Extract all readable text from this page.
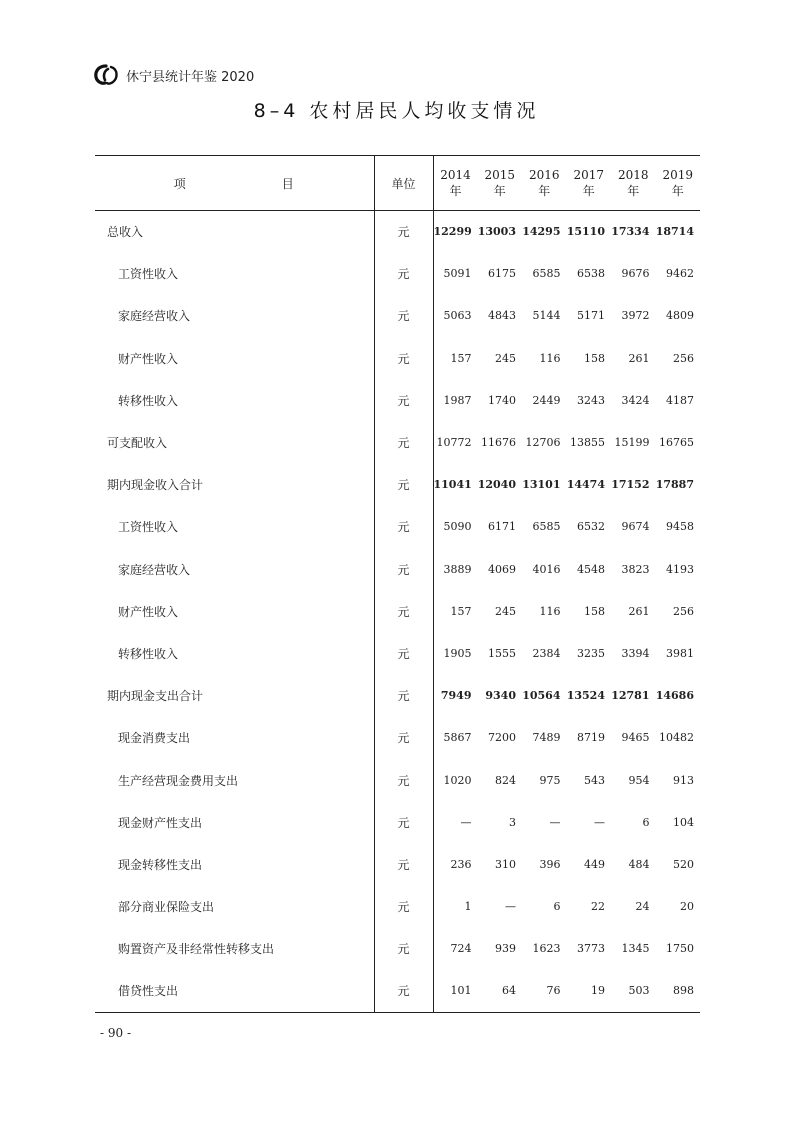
休宁县统计年鉴 2020
8–4 农村居民人均收支情况
项　目	单位	2014 年	2015 年	2016 年	2017 年	2018 年	2019 年
总收入	元	12299	13003	14295	15110	17334	18714
工资性收入	元	5091	6175	6585	6538	9676	9462
家庭经营收入	元	5063	4843	5144	5171	3972	4809
财产性收入	元	157	245	116	158	261	256
转移性收入	元	1987	1740	2449	3243	3424	4187
可支配收入	元	10772	11676	12706	13855	15199	16765
期内现金收入合计	元	11041	12040	13101	14474	17152	17887
工资性收入	元	5090	6171	6585	6532	9674	9458
家庭经营收入	元	3889	4069	4016	4548	3823	4193
财产性收入	元	157	245	116	158	261	256
转移性收入	元	1905	1555	2384	3235	3394	3981
期内现金支出合计	元	7949	9340	10564	13524	12781	14686
现金消费支出	元	5867	7200	7489	8719	9465	10482
生产经营现金费用支出	元	1020	824	975	543	954	913
现金财产性支出	元	—	3	—	—	6	104
现金转移性支出	元	236	310	396	449	484	520
部分商业保险支出	元	1	—	6	22	24	20
购置资产及非经常性转移支出	元	724	939	1623	3773	1345	1750
借贷性支出	元	101	64	76	19	503	898
- 90 -
